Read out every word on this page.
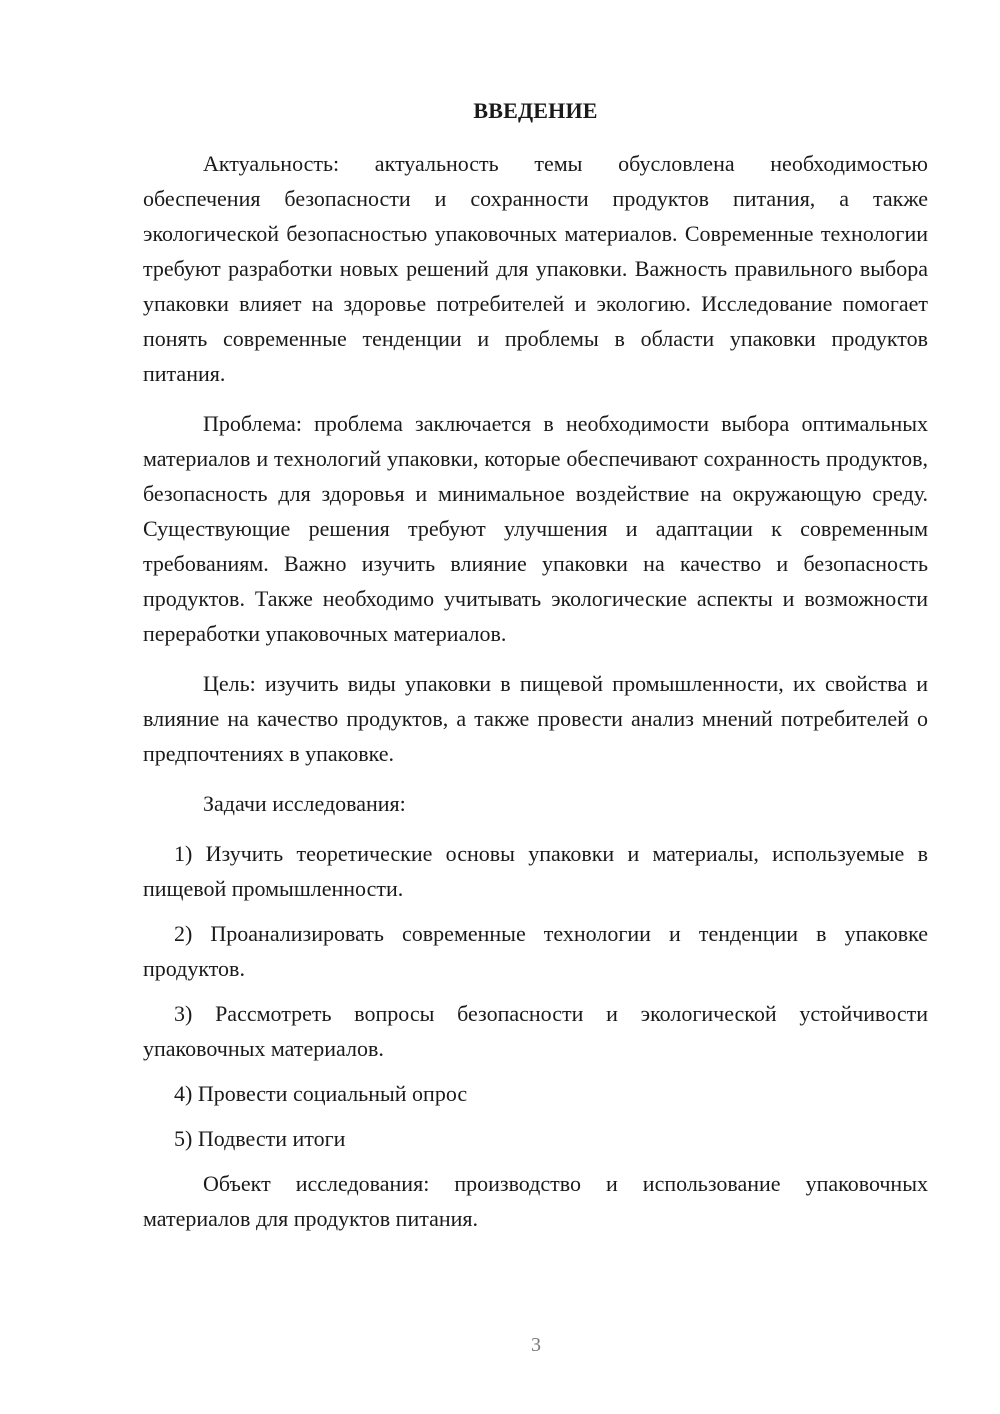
ВВЕДЕНИЕ

Актуальность: актуальность темы обусловлена необходимостью обеспечения безопасности и сохранности продуктов питания, а также экологической безопасностью упаковочных материалов. Современные технологии требуют разработки новых решений для упаковки. Важность правильного выбора упаковки влияет на здоровье потребителей и экологию. Исследование помогает понять современные тенденции и проблемы в области упаковки продуктов питания.

Проблема: проблема заключается в необходимости выбора оптимальных материалов и технологий упаковки, которые обеспечивают сохранность продуктов, безопасность для здоровья и минимальное воздействие на окружающую среду. Существующие решения требуют улучшения и адаптации к современным требованиям. Важно изучить влияние упаковки на качество и безопасность продуктов. Также необходимо учитывать экологические аспекты и возможности переработки упаковочных материалов.

Цель: изучить виды упаковки в пищевой промышленности, их свойства и влияние на качество продуктов, а также провести анализ мнений потребителей о предпочтениях в упаковке.

Задачи исследования:

1) Изучить теоретические основы упаковки и материалы, используемые в пищевой промышленности.

2) Проанализировать современные технологии и тенденции в упаковке продуктов.

3) Рассмотреть вопросы безопасности и экологической устойчивости упаковочных материалов.

4) Провести социальный опрос

5) Подвести итоги

Объект исследования: производство и использование упаковочных материалов для продуктов питания.

3
